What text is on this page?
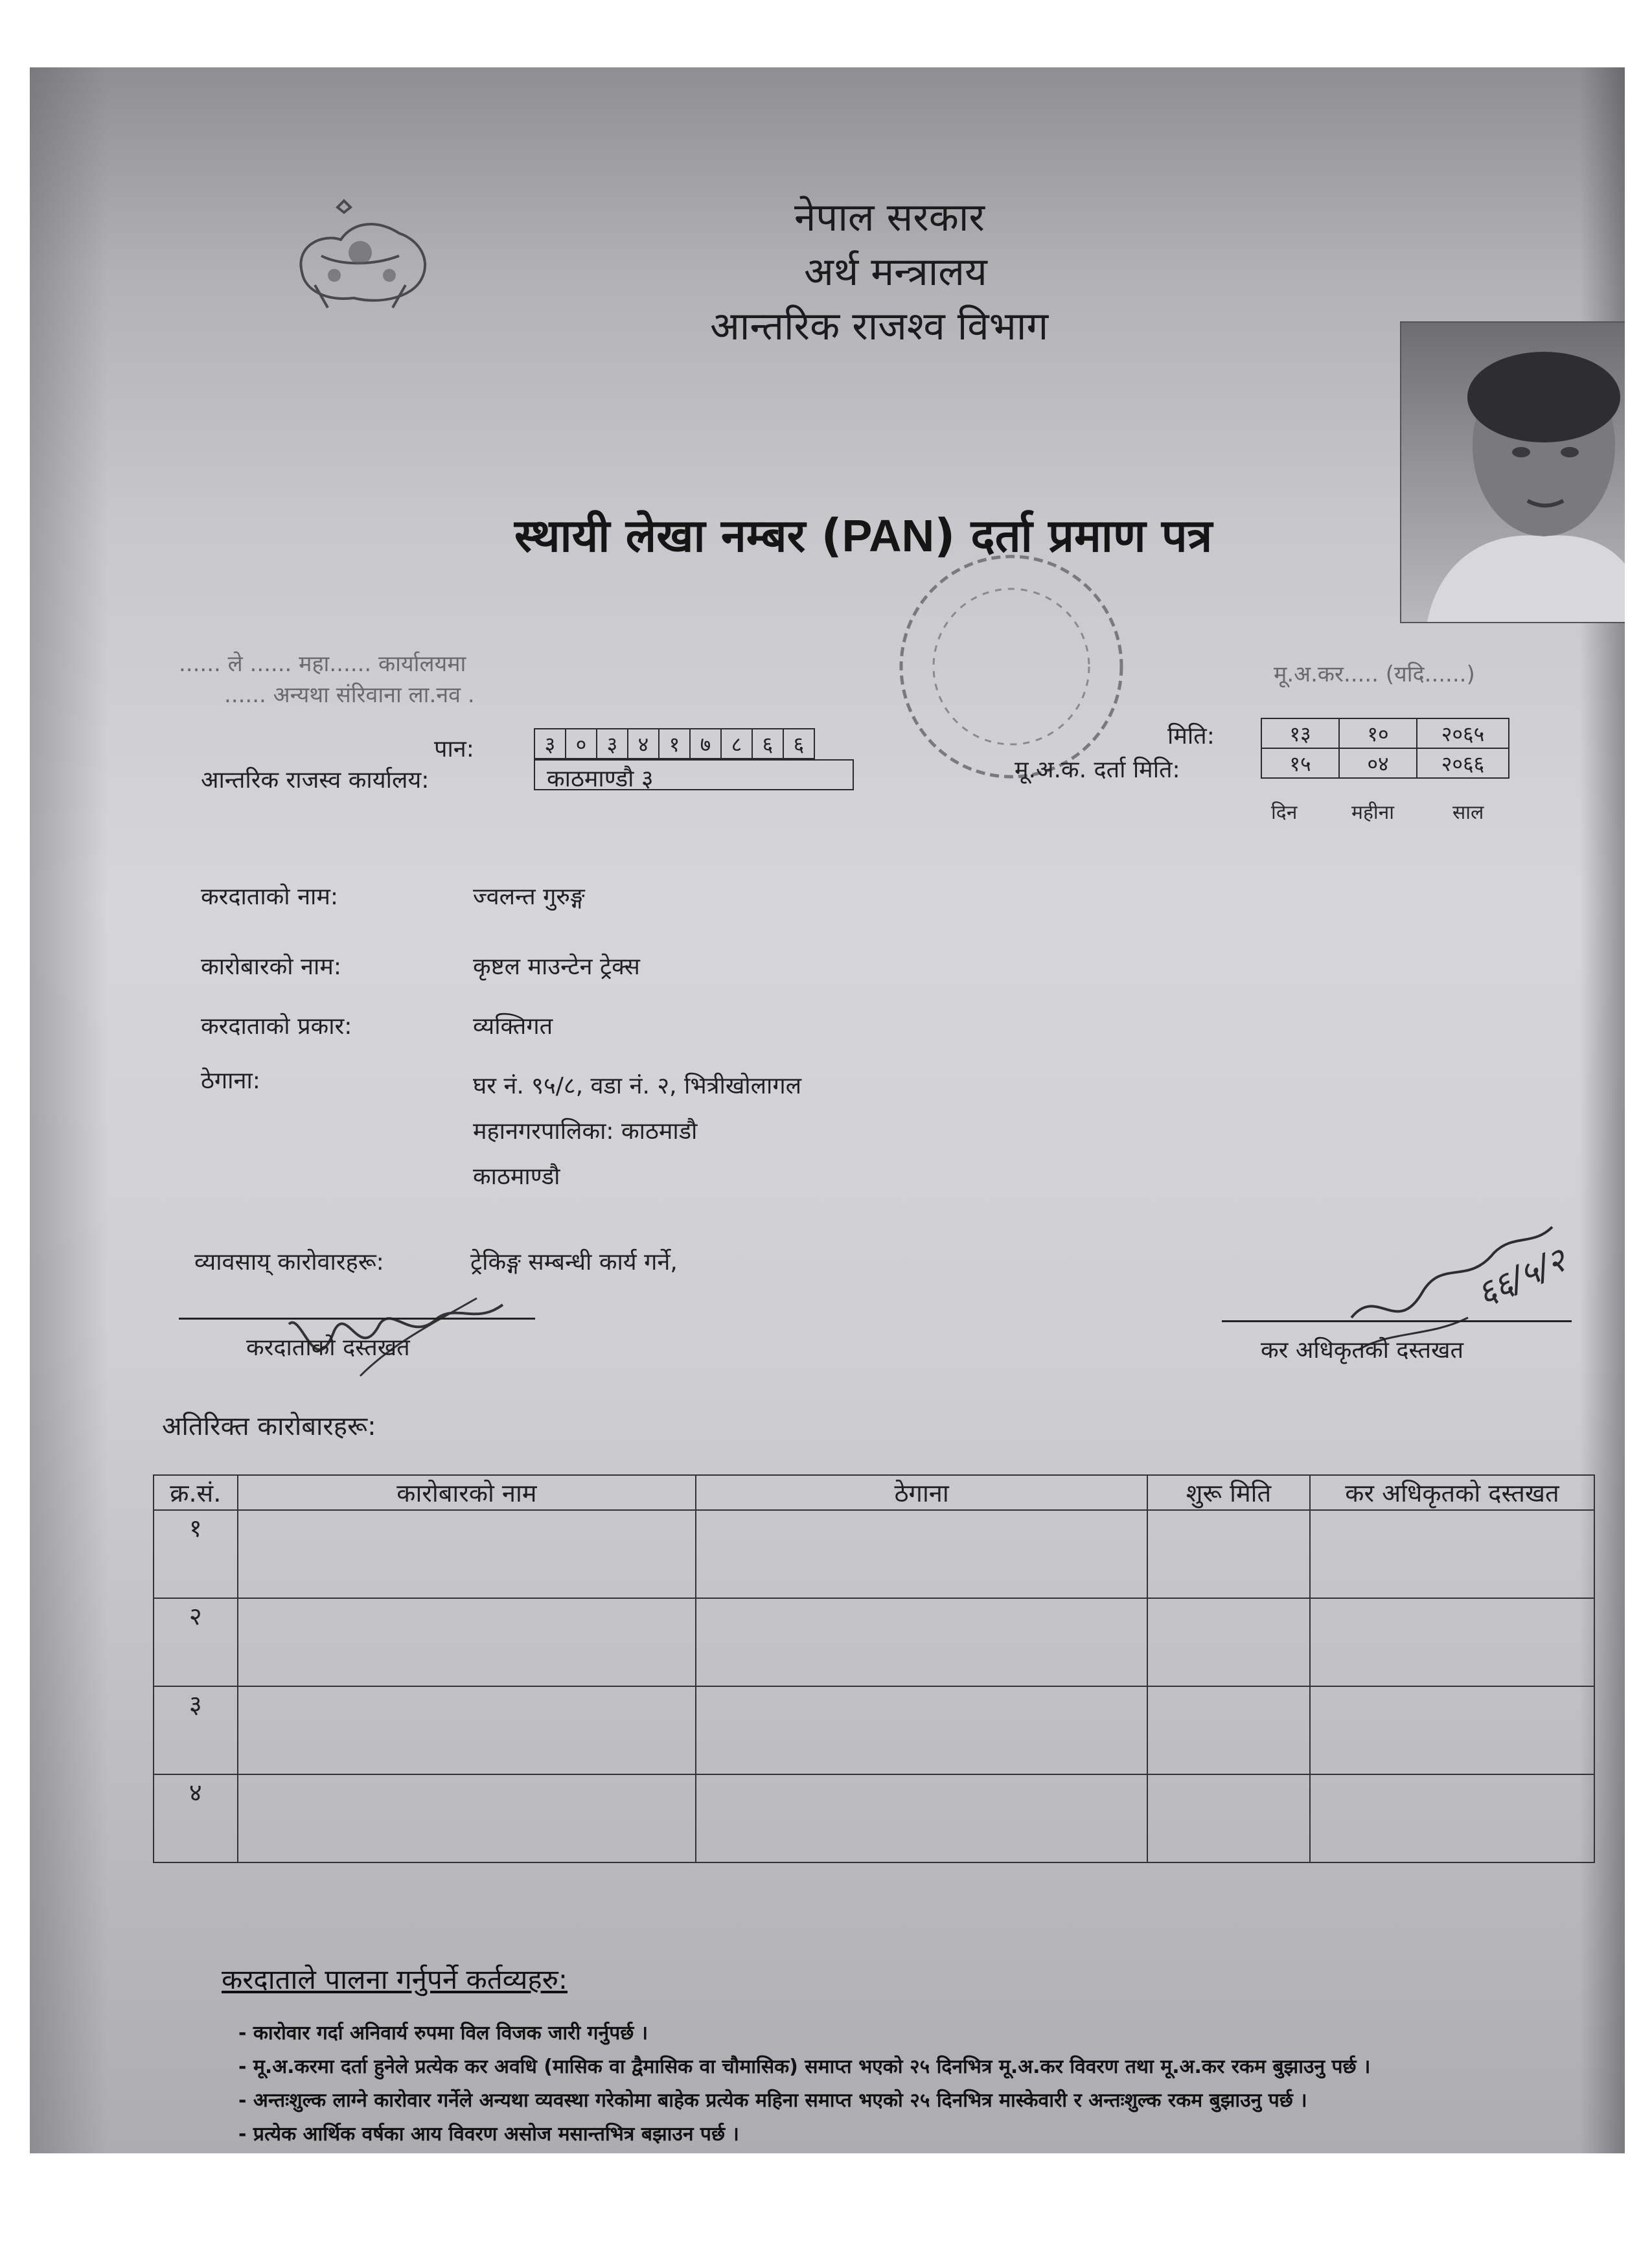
नेपाल सरकार
अर्थ मन्त्रालय
आन्तरिक राजश्व विभाग
स्थायी लेखा नम्बर (PAN) दर्ता प्रमाण पत्र
...... ले ...... महा...... कार्यालयमा
...... अन्यथा संरिवाना ला.नव .
मू.अ.कर..... (यदि......)
पान:	३ ० ३ ४ १ ७ ८ ६ ६
आन्तरिक राजस्व कार्यालय:	काठमाण्डौ ३
मिति:
मू.अ.क. दर्ता मिति:
१३	१०	२०६५
१५	०४	२०६६
दिन	महीना	साल
करदाताको नाम:	ज्वलन्त गुरुङ्ग
कारोबारको नाम:	कृष्टल माउन्टेन ट्रेक्स
करदाताको प्रकार:	व्यक्तिगत
ठेगाना:	घर नं. ९५/८, वडा नं. २, भित्रीखोलागल
महानगरपालिका: काठमाडौ
काठमाण्डौ
व्यावसाय् कारोवारहरू:	ट्रेकिङ्ग सम्बन्धी कार्य गर्ने,
करदाताको दस्तखत
६६/५/२
कर अधिकृतको दस्तखत
अतिरिक्त कारोबारहरू:
क्र.सं.	कारोबारको नाम	ठेगाना	शुरू मिति	कर अधिकृतको दस्तखत
१				
२				
३				
४				
करदाताले पालना गर्नुपर्ने कर्तव्यहरु:
- कारोवार गर्दा अनिवार्य रुपमा विल विजक जारी गर्नुपर्छ ।
- मू.अ.करमा दर्ता हुनेले प्रत्येक कर अवधि (मासिक वा द्वैमासिक वा चौमासिक) समाप्त भएको २५ दिनभित्र मू.अ.कर विवरण तथा मू.अ.कर रकम बुझाउनु पर्छ ।
- अन्तःशुल्क लाग्ने कारोवार गर्नेले अन्यथा व्यवस्था गरेकोमा बाहेक प्रत्येक महिना समाप्त भएको २५ दिनभित्र मास्केवारी र अन्तःशुल्क रकम बुझाउनु पर्छ ।
- प्रत्येक आर्थिक वर्षका आय विवरण असोज मसान्तभित्र बझाउन पर्छ ।
